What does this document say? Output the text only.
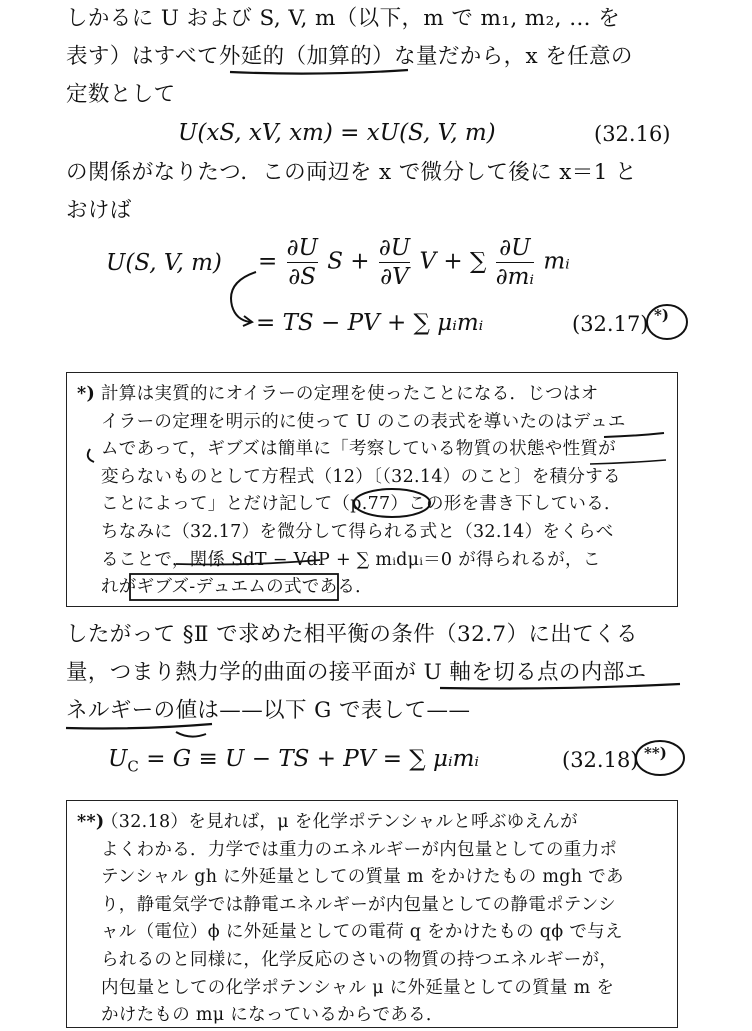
しかるに U および S, V, m（以下，m で m₁, m₂, … を
表す）はすべて外延的（加算的）な量だから，x を任意の
定数として
U(xS, xV, xm) = xU(S, V, m)	(32.16)
の関係がなりたつ．この両辺を x で微分して後に x＝1 と
おけば
U(S, V, $m) = \frac{\partial U}{\partial S}$ $S + \frac{\partial U}{\partial V}$ V + ∑ $\frac{\partial U}{\text{∂mᵢ}}$ mᵢ
= TS − PV + ∑ μᵢmᵢ	(32.17) *)
*) 計算は実質的にオイラーの定理を使ったことになる．じつはオ
イラーの定理を明示的に使って U のこの表式を導いたのはデュエ
ムであって，ギブズは簡単に「考察している物質の状態や性質が
変らないものとして方程式（12）〔（32.14）のこと〕を積分する
ことによって」とだけ記して（p.77）この形を書き下している．
ちなみに（32.17）を微分して得られる式と（32.14）をくらべ
ることで，関係 SdT − VdP + ∑ mᵢdμᵢ＝0 が得られるが，こ
れがギブズ‐デュエムの式である．
したがって §Ⅱ で求めた相平衡の条件（32.7）に出てくる
量，つまり熱力学的曲面の接平面が U 軸を切る点の内部エ
ネルギーの値は——以下 G で表して——
$U_C = G \equiv U$ − TS + PV = ∑ μᵢmᵢ	(32.18) **)
**)
（32.18）を見れば，μ を化学ポテンシャルと呼ぶゆえんが
よくわかる．力学では重力のエネルギーが内包量としての重力ポ
テンシャル gh に外延量としての質量 m をかけたもの mgh であ
り，静電気学では静電エネルギーが内包量としての静電ポテンシ
ャル（電位）ϕ に外延量としての電荷 q をかけたもの qϕ で与え
られるのと同様に，化学反応のさいの物質の持つエネルギーが，
内包量としての化学ポテンシャル μ に外延量としての質量 m を
かけたもの mμ になっているからである．
